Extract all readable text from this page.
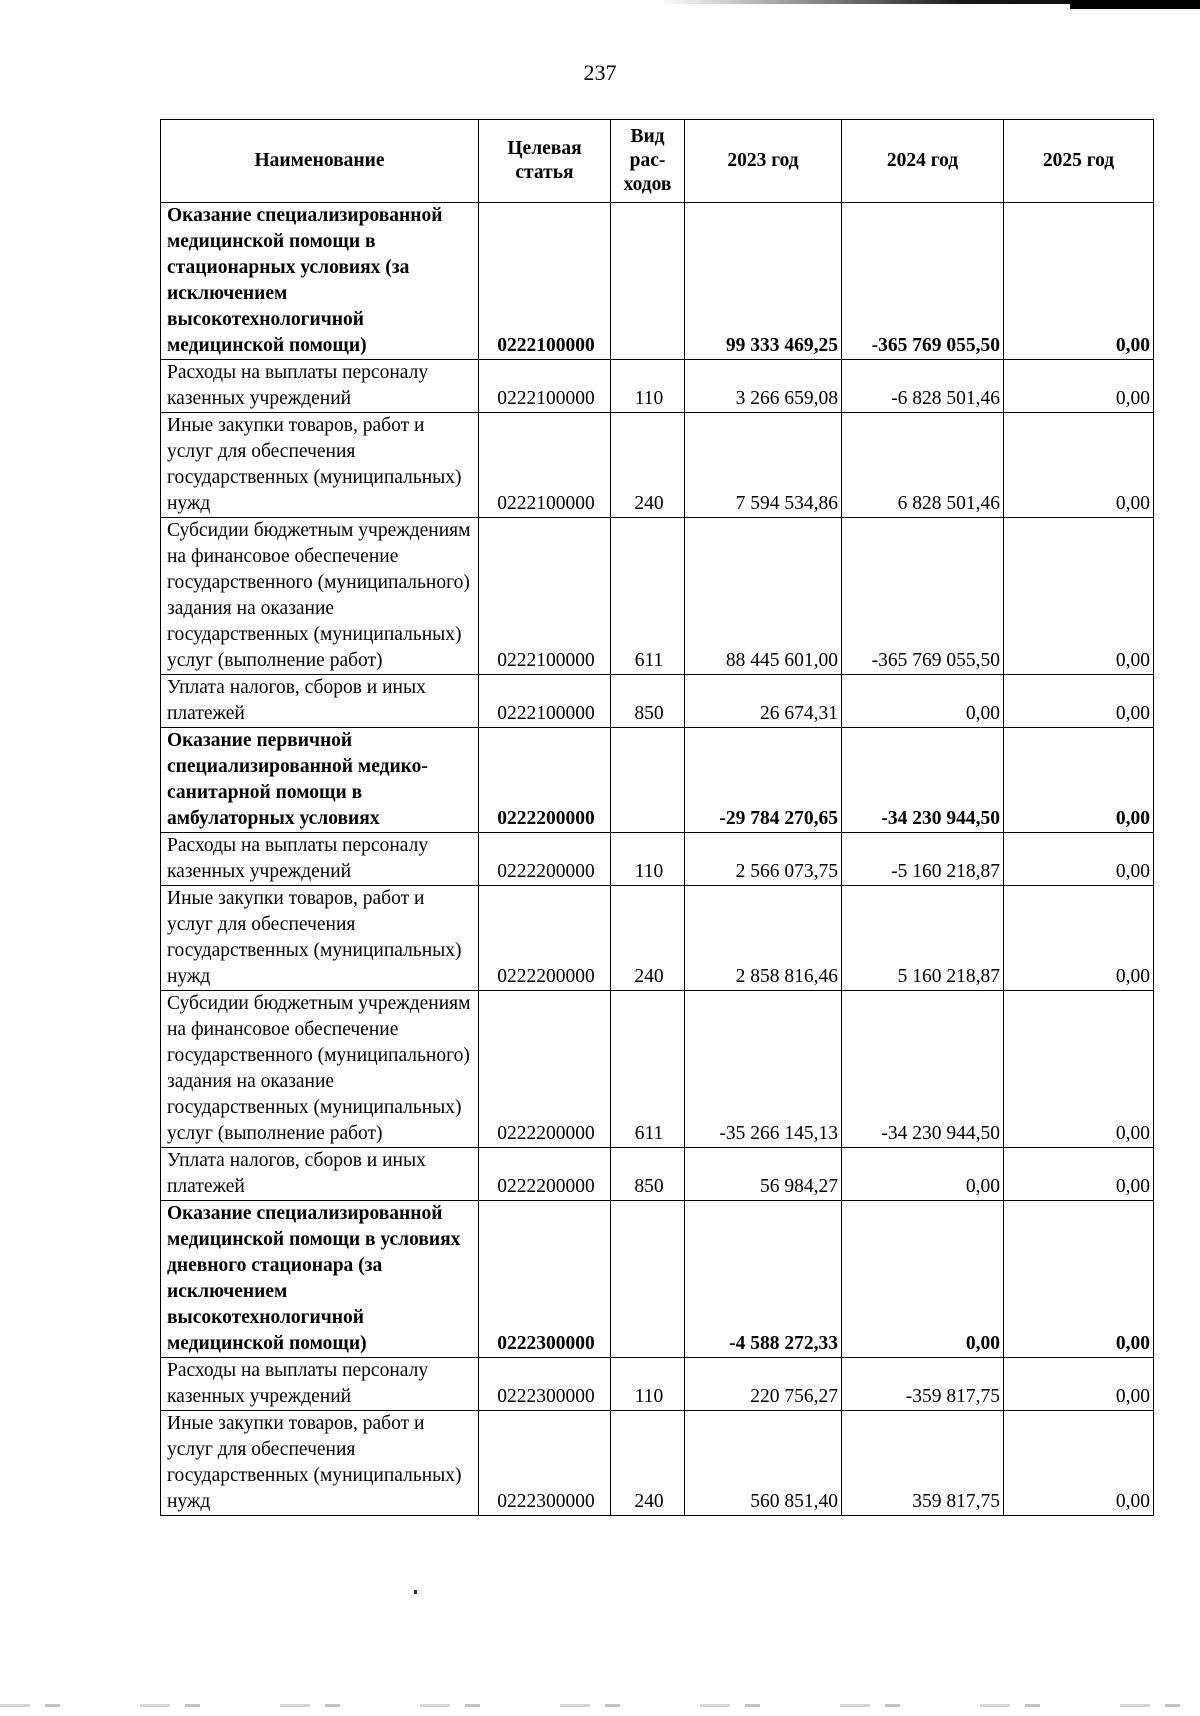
237
Наименование	Целевая статья	Вид рас-ходов	2023 год	2024 год	2025 год
Оказание специализированной медицинской помощи в стационарных условиях (за исключением высокотехнологичной медицинской помощи)	0222100000		99 333 469,25	-365 769 055,50	0,00
Расходы на выплаты персоналу казенных учреждений	0222100000	110	3 266 659,08	-6 828 501,46	0,00
Иные закупки товаров, работ и услуг для обеспечения государственных (муниципальных) нужд	0222100000	240	7 594 534,86	6 828 501,46	0,00
Субсидии бюджетным учреждениям на финансовое обеспечение государственного (муниципального) задания на оказание государственных (муниципальных) услуг (выполнение работ)	0222100000	611	88 445 601,00	-365 769 055,50	0,00
Уплата налогов, сборов и иных платежей	0222100000	850	26 674,31	0,00	0,00
Оказание первичной специализированной медико-санитарной помощи в амбулаторных условиях	0222200000		-29 784 270,65	-34 230 944,50	0,00
Расходы на выплаты персоналу казенных учреждений	0222200000	110	2 566 073,75	-5 160 218,87	0,00
Иные закупки товаров, работ и услуг для обеспечения государственных (муниципальных) нужд	0222200000	240	2 858 816,46	5 160 218,87	0,00
Субсидии бюджетным учреждениям на финансовое обеспечение государственного (муниципального) задания на оказание государственных (муниципальных) услуг (выполнение работ)	0222200000	611	-35 266 145,13	-34 230 944,50	0,00
Уплата налогов, сборов и иных платежей	0222200000	850	56 984,27	0,00	0,00
Оказание специализированной медицинской помощи в условиях дневного стационара (за исключением высокотехнологичной медицинской помощи)	0222300000		-4 588 272,33	0,00	0,00
Расходы на выплаты персоналу казенных учреждений	0222300000	110	220 756,27	-359 817,75	0,00
Иные закупки товаров, работ и услуг для обеспечения государственных (муниципальных) нужд	0222300000	240	560 851,40	359 817,75	0,00
